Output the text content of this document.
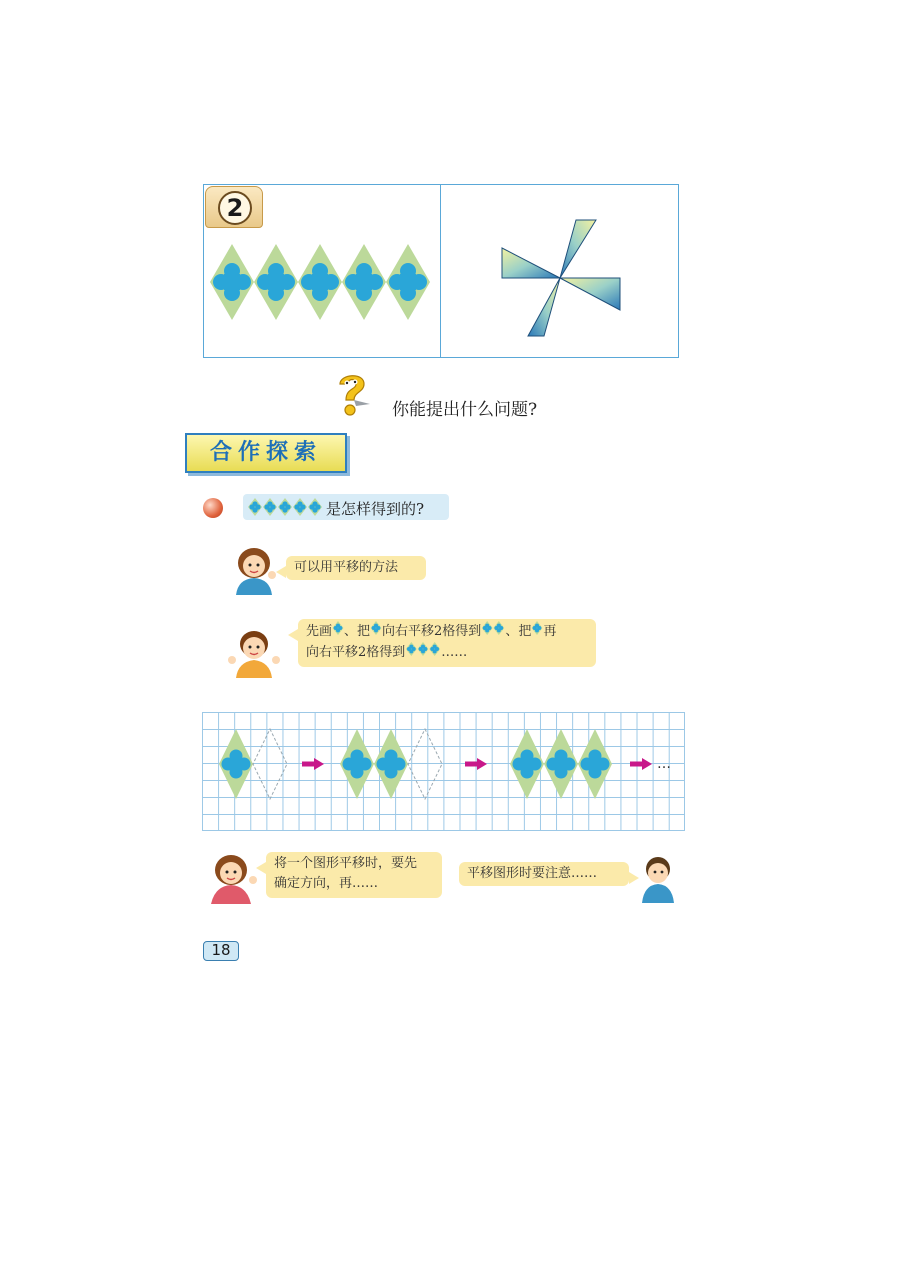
2
你能提出什么问题?
合作探索
是怎样得到的?
可以用平移的方法
先画 、把 向右平移2格得到 、把 再
向右平移2格得到	……
…
将一个图形平移时，要先
确定方向，再……
平移图形时要注意……
18
